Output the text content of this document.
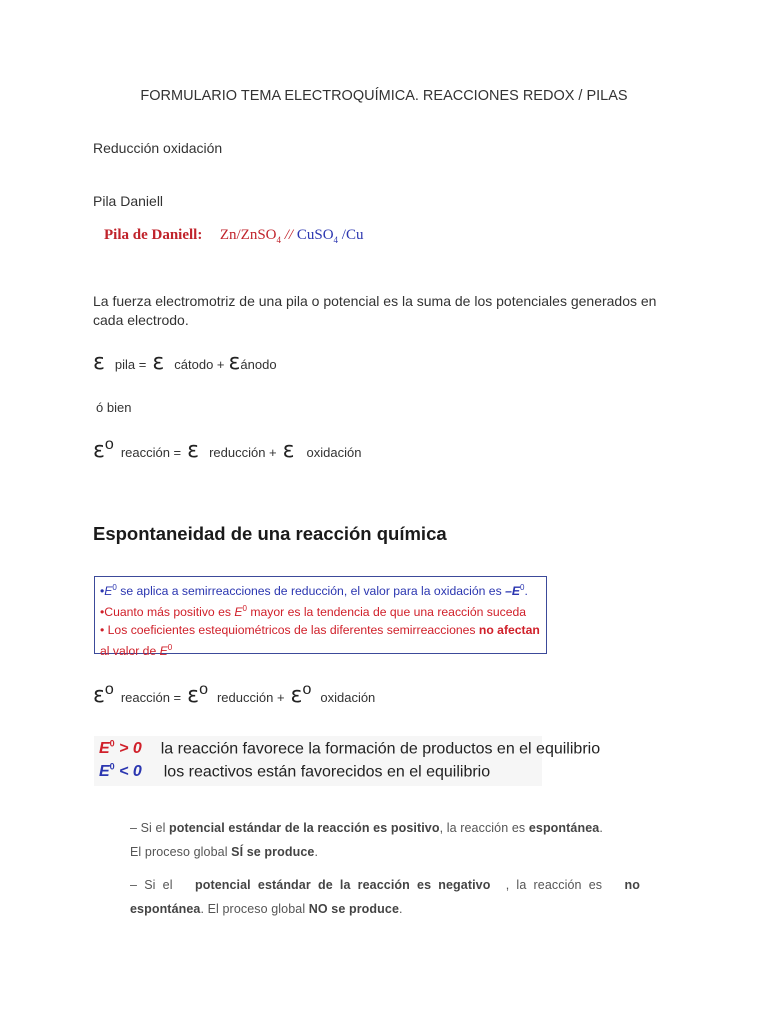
FORMULARIO TEMA ELECTROQUÍMICA. REACCIONES REDOX / PILAS
Reducción oxidación
Pila Daniell
Pila de Daniell: Zn/ZnSO$_4$ // CuSO$_4$ /Cu
La fuerza electromotriz de una pila o potencial es la suma de los potenciales generados en cada electrodo.
ε pila = ε cátodo + ε ánodo
ó bien
ε o reacción = ε reducción + ε oxidación
Espontaneidad de una reacción química
$•E^0$ se aplica a semirreacciones de reducción, el valor para la oxidación es $-E^0$.
•Cuanto más positivo es $E^0$ mayor es la tendencia de que una reacción suceda
• Los coeficientes estequiométricos de las diferentes semirreacciones no afectan
al valor de $E^0$
ε o reacción = ε o reducción + ε o oxidación
$E^0 > 0$ la reacción favorece la formación de productos en el equilibrio
$E^0 < 0$ los reactivos están favorecidos en el equilibrio
– Si el potencial estándar de la reacción es positivo, la reacción es espontánea.
El proceso global SÍ se produce.
–  Si  el potencial  estándar  de  la  reacción  es  negativo ,  la  reacción  es no
espontánea. El proceso global NO se produce.
